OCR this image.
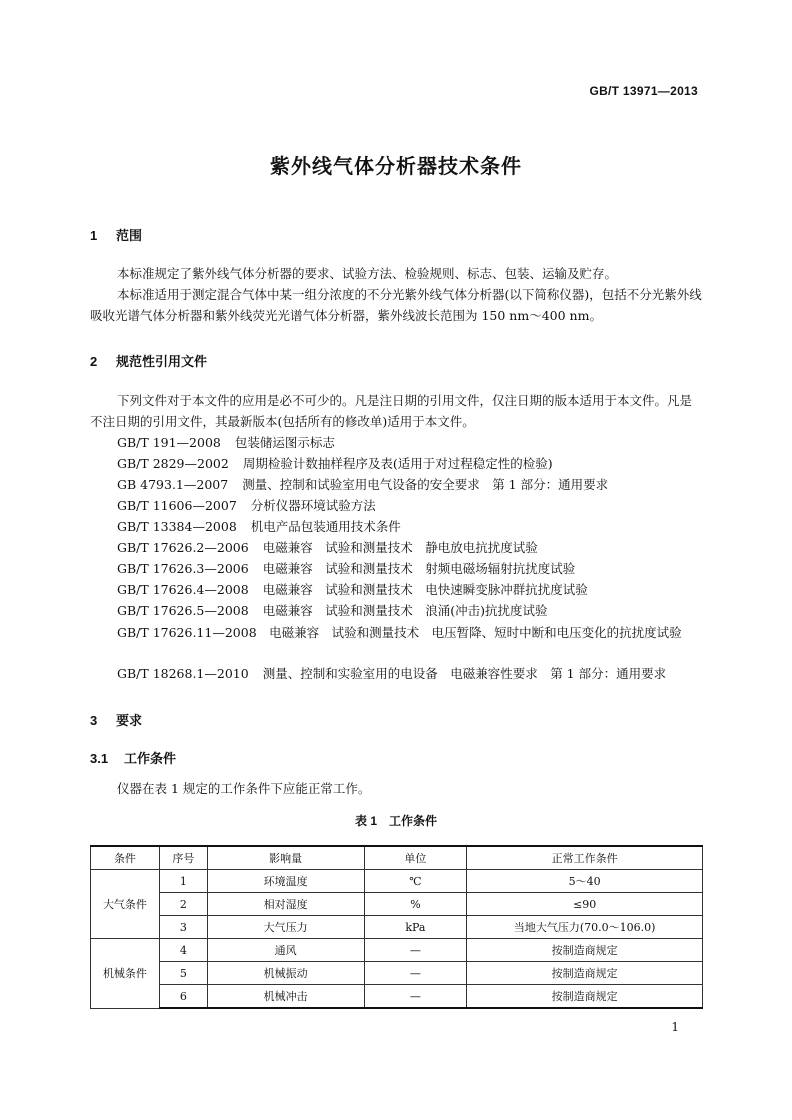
GB/T 13971—2013
紫外线气体分析器技术条件
1 范围
本标准规定了紫外线气体分析器的要求、试验方法、检验规则、标志、包装、运输及贮存。
本标准适用于测定混合气体中某一组分浓度的不分光紫外线气体分析器(以下简称仪器)，包括不分光紫外线吸收光谱气体分析器和紫外线荧光光谱气体分析器，紫外线波长范围为 150 nm～400 nm。
2 规范性引用文件
下列文件对于本文件的应用是必不可少的。凡是注日期的引用文件，仅注日期的版本适用于本文件。凡是不注日期的引用文件，其最新版本(包括所有的修改单)适用于本文件。
GB/T 191—2008 包装储运图示标志
GB/T 2829—2002 周期检验计数抽样程序及表(适用于对过程稳定性的检验)
GB 4793.1—2007 测量、控制和试验室用电气设备的安全要求　第 1 部分：通用要求
GB/T 11606—2007 分析仪器环境试验方法
GB/T 13384—2008 机电产品包装通用技术条件
GB/T 17626.2—2006 电磁兼容　试验和测量技术　静电放电抗扰度试验
GB/T 17626.3—2006 电磁兼容　试验和测量技术　射频电磁场辐射抗扰度试验
GB/T 17626.4—2008 电磁兼容　试验和测量技术　电快速瞬变脉冲群抗扰度试验
GB/T 17626.5—2008 电磁兼容　试验和测量技术　浪涌(冲击)抗扰度试验
GB/T 17626.11—2008　电磁兼容　试验和测量技术　电压暂降、短时中断和电压变化的抗扰度试验
GB/T 18268.1—2010 测量、控制和实验室用的电设备　电磁兼容性要求　第 1 部分：通用要求
3 要求
3.1 工作条件
仪器在表 1 规定的工作条件下应能正常工作。
表 1　工作条件
条件	序号	影响量	单位	正常工作条件
大气条件	1	环境温度	℃	5～40
	2	相对湿度	%	≤90
	3	大气压力	kPa	当地大气压力(70.0～106.0)
机械条件	4	通风	—	按制造商规定
	5	机械振动	—	按制造商规定
	6	机械冲击	—	按制造商规定
1
